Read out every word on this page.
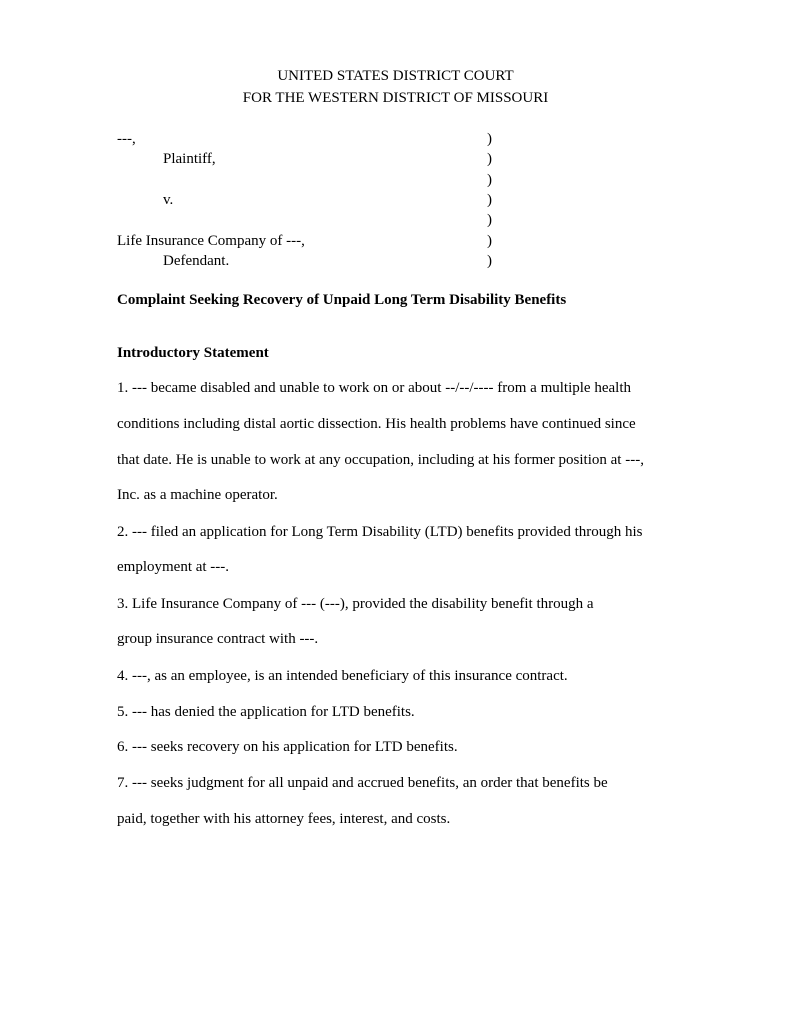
UNITED STATES DISTRICT COURT
FOR THE WESTERN DISTRICT OF MISSOURI
---,
Plaintiff,
v.
Life Insurance Company of ---,
Defendant.
)
)
)
)
)
)
)
Complaint Seeking Recovery of Unpaid Long Term Disability Benefits
Introductory Statement
1. --- became disabled and unable to work on or about --/--/---- from a multiple health
conditions including distal aortic dissection. His health problems have continued since
that date. He is unable to work at any occupation, including at his former position at ---,
Inc. as a machine operator.
2. --- filed an application for Long Term Disability (LTD) benefits provided through his
employment at ---.
3. Life Insurance Company of --- (---), provided the disability benefit through a
group insurance contract with ---.
4. ---, as an employee, is an intended beneficiary of this insurance contract.
5. --- has denied the application for LTD benefits.
6. --- seeks recovery on his application for LTD benefits.
7. --- seeks judgment for all unpaid and accrued benefits, an order that benefits be
paid, together with his attorney fees, interest, and costs.
